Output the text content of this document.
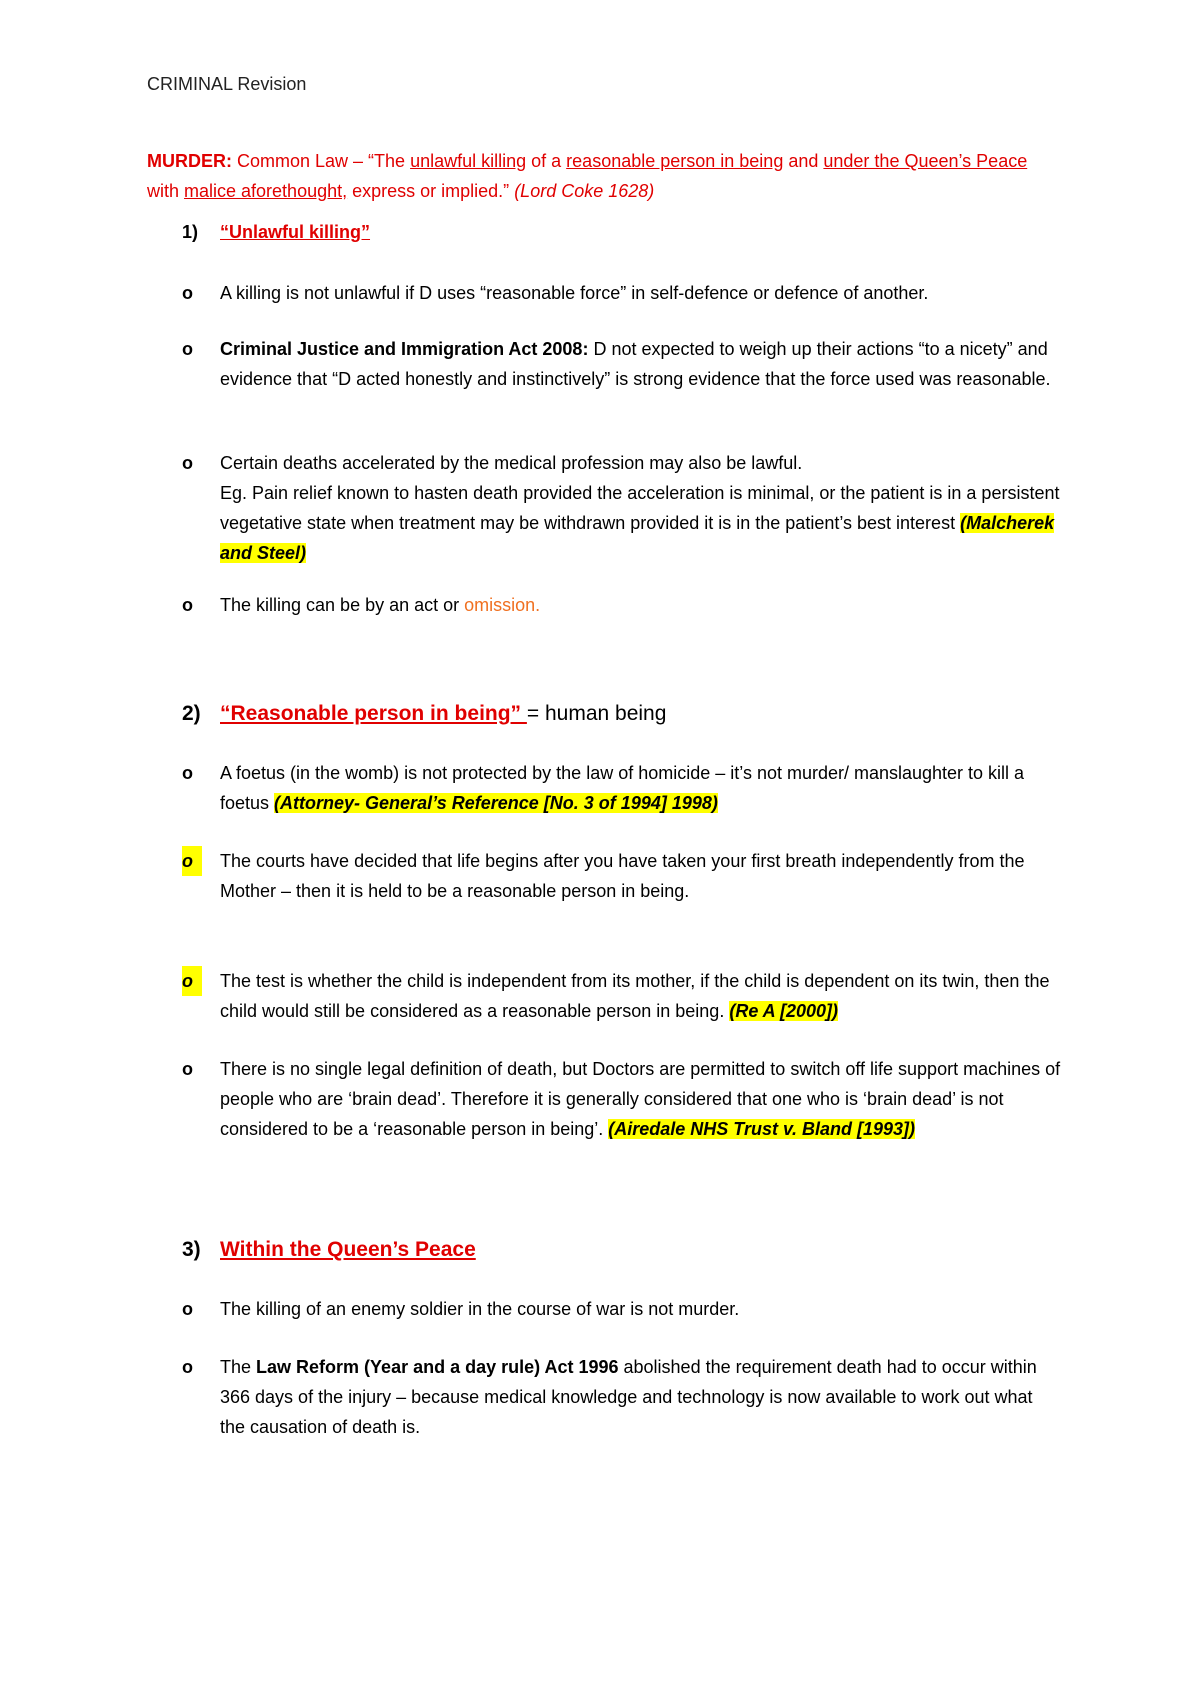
CRIMINAL Revision
MURDER: Common Law – “The unlawful killing of a reasonable person in being and under the Queen’s Peace with malice aforethought, express or implied.” (Lord Coke 1628)
1) “Unlawful killing”
o	A killing is not unlawful if D uses “reasonable force” in self-defence or defence of another.
o	Criminal Justice and Immigration Act 2008: D not expected to weigh up their actions “to a nicety” and evidence that “D acted honestly and instinctively” is strong evidence that the force used was reasonable.
o	Certain deaths accelerated by the medical profession may also be lawful.
Eg. Pain relief known to hasten death provided the acceleration is minimal, or the patient is in a persistent vegetative state when treatment may be withdrawn provided it is in the patient’s best interest (Malcherek and Steel)
o	The killing can be by an act or omission.
2) “Reasonable person in being” = human being
o	A foetus (in the womb) is not protected by the law of homicide – it’s not murder/ manslaughter to kill a foetus (Attorney- General’s Reference [No. 3 of 1994] 1998)
o	The courts have decided that life begins after you have taken your first breath independently from the Mother – then it is held to be a reasonable person in being.
o	The test is whether the child is independent from its mother, if the child is dependent on its twin, then the child would still be considered as a reasonable person in being. (Re A [2000])
o	There is no single legal definition of death, but Doctors are permitted to switch off life support machines of people who are ‘brain dead’. Therefore it is generally considered that one who is ‘brain dead’ is not considered to be a ‘reasonable person in being’. (Airedale NHS Trust v. Bland [1993])
3) Within the Queen’s Peace
o	The killing of an enemy soldier in the course of war is not murder.
o	The Law Reform (Year and a day rule) Act 1996 abolished the requirement death had to occur within 366 days of the injury – because medical knowledge and technology is now available to work out what the causation of death is.
